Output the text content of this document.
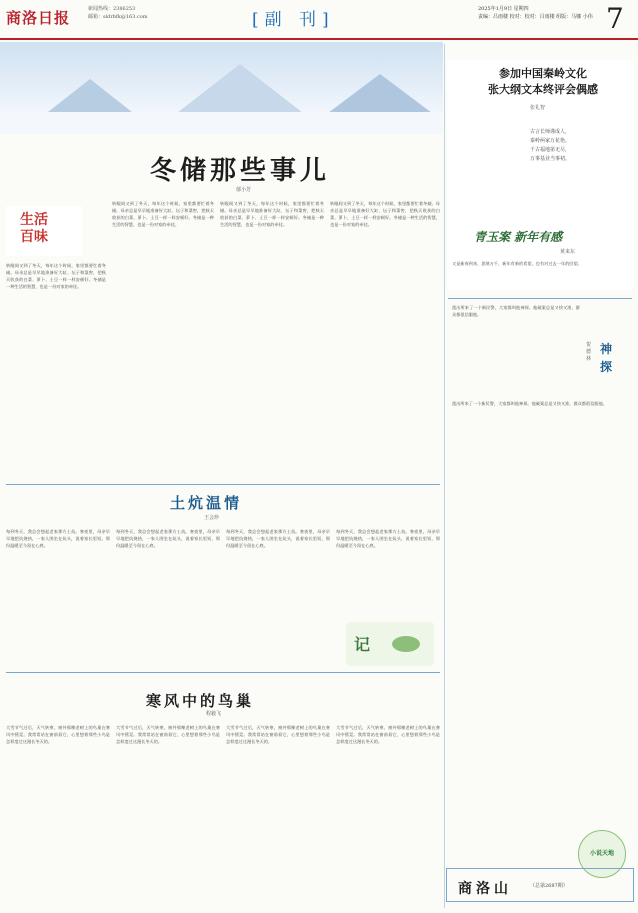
商洛日报	新闻热线：2386253
邮箱：sldrbfk@163.com	[副 刊]
2025年1月9日 星期四
责编：吕雨楼 校对：校对：吕雨楼 组版：马娜 小伟 7
冬储那些事儿
郁小芳
生活百味
转眼间又到了冬天，每年这个时候，家里都要忙着冬储。母亲总是早早地准备好大缸、坛子和菜窖，把秋天收获的白菜、萝卜、土豆一样一样安顿好。冬储是一种生活的智慧，也是一份对家的牵挂。
转眼间又到了冬天，每年这个时候，家里都要忙着冬储。母亲总是早早地准备好大缸、坛子和菜窖，把秋天收获的白菜、萝卜、土豆一样一样安顿好。冬储是一种生活的智慧，也是一份对家的牵挂。
转眼间又到了冬天，每年这个时候，家里都要忙着冬储。母亲总是早早地准备好大缸、坛子和菜窖，把秋天收获的白菜、萝卜、土豆一样一样安顿好。冬储是一种生活的智慧，也是一份对家的牵挂。
转眼间又到了冬天，每年这个时候，家里都要忙着冬储。母亲总是早早地准备好大缸、坛子和菜窖，把秋天收获的白菜、萝卜、土豆一样一样安顿好。冬储是一种生活的智慧，也是一份对家的牵挂。
土炕温情
王会珍
每到冬天，我总会想起老家那方土炕。寒夜里，母亲早早地把炕烧热，一家人围坐在炕头，说着家长里短，那份温暖至今留在心底。
每到冬天，我总会想起老家那方土炕。寒夜里，母亲早早地把炕烧热，一家人围坐在炕头，说着家长里短，那份温暖至今留在心底。
每到冬天，我总会想起老家那方土炕。寒夜里，母亲早早地把炕烧热，一家人围坐在炕头，说着家长里短，那份温暖至今留在心底。
每到冬天，我总会想起老家那方土炕。寒夜里，母亲早早地把炕烧热，一家人围坐在炕头，说着家长里短，那份温暖至今留在心底。
记
寒风中的鸟巢
程毅飞
大雪节气过后，天气转寒，窗外那棵老树上的鸟巢在寒风中摇晃。我常常站在窗前看它，心里想着那些小鸟是怎样度过这漫长冬天的。
大雪节气过后，天气转寒，窗外那棵老树上的鸟巢在寒风中摇晃。我常常站在窗前看它，心里想着那些小鸟是怎样度过这漫长冬天的。
大雪节气过后，天气转寒，窗外那棵老树上的鸟巢在寒风中摇晃。我常常站在窗前看它，心里想着那些小鸟是怎样度过这漫长冬天的。
大雪节气过后，天气转寒，窗外那棵老树上的鸟巢在寒风中摇晃。我常常站在窗前看它，心里想着那些小鸟是怎样度过这漫长冬天的。
参加中国秦岭文化
张大纲文本终评会偶感
张礼智
古言长师谨成人，
秦岭两家万花艳。
千古福地第无尽，
万事基业当事初。
青玉案 新年有感
黄来东
又是新春到来，思绪万千，新年有新的希望，也有对过去一年的回望。
神探
贺德林
派出所来了一个新民警，大家都叫他神探。他破案总是又快又准，群众都很信服他。
派出所来了一个新民警，大家都叫他神探。他破案总是又快又准，群众都很信服他。
小说天地
商洛山	（总第2687期）
